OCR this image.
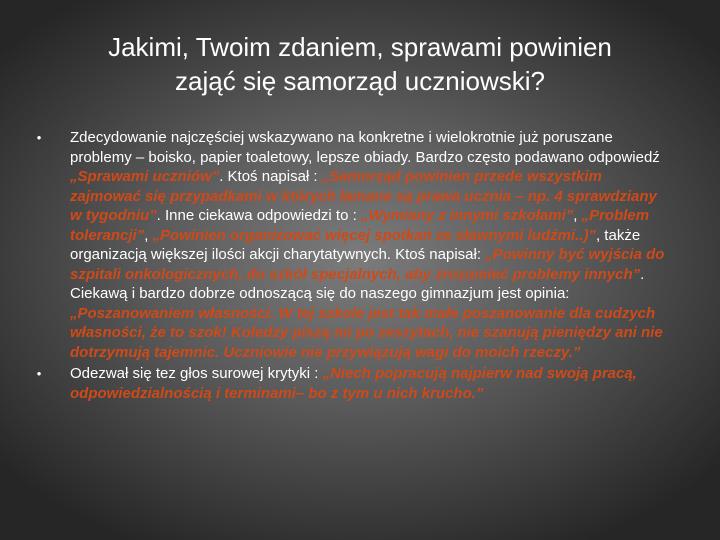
Jakimi, Twoim zdaniem, sprawami powinien
zająć się samorząd uczniowski?
•	Zdecydowanie najczęściej wskazywano na konkretne i wielokrotnie już poruszane problemy – boisko, papier toaletowy, lepsze obiady. Bardzo często podawano odpowiedź „Sprawami uczniów”. Ktoś napisał : „Samorząd powinien przede wszystkim zajmować się przypadkami w których łamane są prawa ucznia – np. 4 sprawdziany w tygodniu”. Inne ciekawa odpowiedzi to : „Wymiany z innymi szkołami”, „Problem tolerancji”, „Powinien organizować więcej spotkań ze sławnymi ludźmi..)”, także organizacją większej ilości akcji charytatywnych. Ktoś napisał: „Powinny być wyjścia do szpitali onkologicznych, do szkół specjalnych, aby zrozumieć problemy innych”. Ciekawą i bardzo dobrze odnoszącą się do naszego gimnazjum jest opinia: „Poszanowaniem własności. W tej szkole jest tak małe poszanowanie dla cudzych własności, że to szok! Koledzy piszą mi po zeszytach, nie szanują pieniędzy ani nie dotrzymują tajemnic. Uczniowie nie przywiązują wagi do moich rzeczy.”
•	Odezwał się tez głos surowej krytyki : „Niech popracują najpierw nad swoją pracą, odpowiedzialnością i terminami– bo z tym u nich krucho.”
